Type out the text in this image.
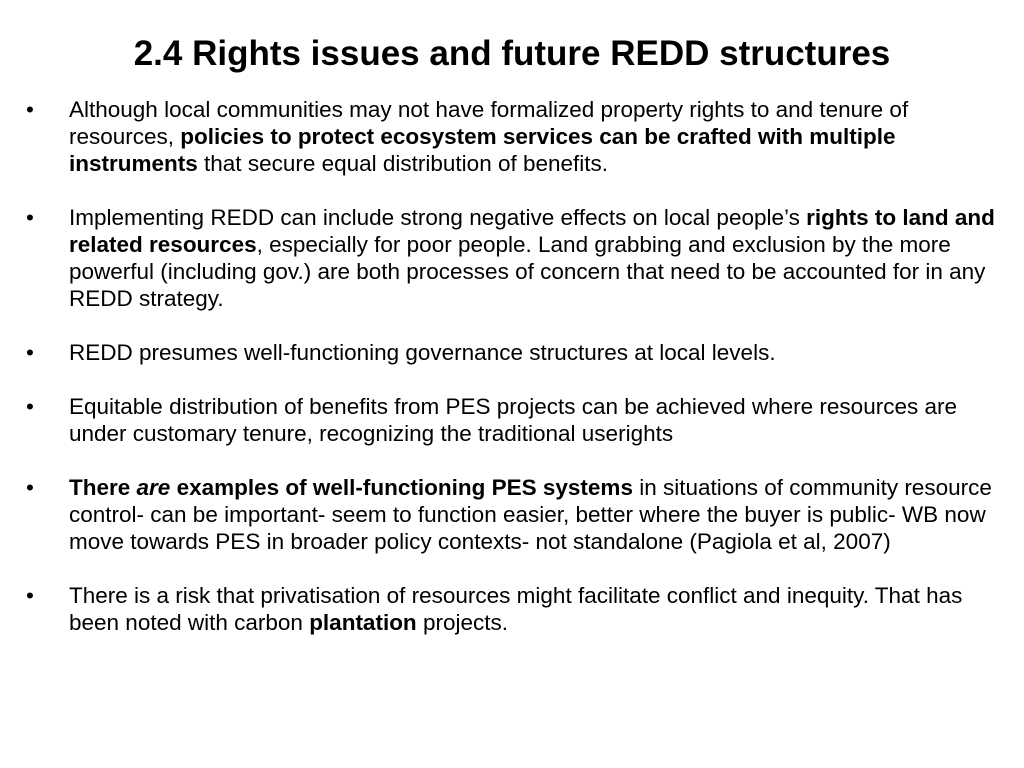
2.4 Rights issues and future REDD structures
•	Although local communities may not have formalized property rights to and tenure of resources, policies to protect ecosystem services can be crafted with multiple instruments that secure equal distribution of benefits.
•	Implementing REDD can include strong negative effects on local people’s rights to land and related resources, especially for poor people. Land grabbing and exclusion by the more powerful (including gov.) are both processes of concern that need to be accounted for in any REDD strategy.
•	REDD presumes well-functioning governance structures at local levels.
•	Equitable distribution of benefits from PES projects can be achieved where resources are under customary tenure, recognizing the traditional userights
•	There are examples of well-functioning PES systems in situations of community resource control- can be important- seem to function easier, better where the buyer is public- WB now move towards PES in broader policy contexts- not standalone (Pagiola et al, 2007)
•	There is a risk that privatisation of resources might facilitate conflict and inequity. That has been noted with carbon plantation projects.
